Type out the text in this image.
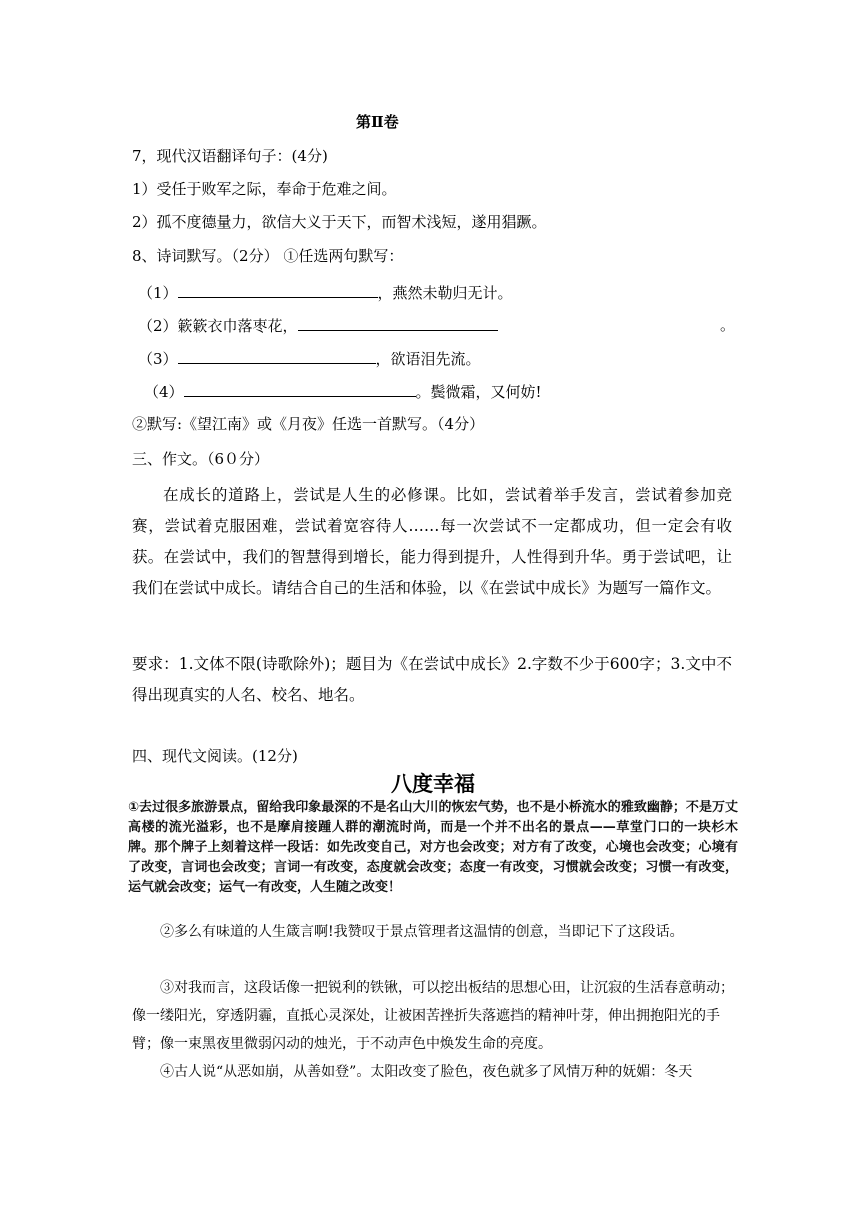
第Ⅱ卷
7，现代汉语翻译句子：(4分)
1）受任于败军之际，奉命于危难之间。
2）孤不度德量力，欲信大义于天下，而智术浅短，遂用猖蹶。
8、诗词默写。（2分） ①任选两句默写：
（1）	，燕然未勒归无计。
（2）簌簌衣巾落枣花，	。
（3）	，欲语泪先流。
（4）	。鬓微霜，又何妨!
②默写:《望江南》或《月夜》任选一首默写。（4分）
三、作文。（6０分）

在成长的道路上，尝试是人生的必修课。比如，尝试着举手发言，尝试着参加竞赛，尝试着克服困难，尝试着宽容待人……每一次尝试不一定都成功，但一定会有收获。在尝试中，我们的智慧得到增长，能力得到提升，人性得到升华。勇于尝试吧，让我们在尝试中成长。请结合自己的生活和体验，以《在尝试中成长》为题写一篇作文。

要求：1.文体不限(诗歌除外)；题目为《在尝试中成长》2.字数不少于600字；3.文中不得出现真实的人名、校名、地名。

四、现代文阅读。(12分)
八度幸福
①去过很多旅游景点，留给我印象最深的不是名山大川的恢宏气势，也不是小桥流水的雅致幽静；不是万丈高楼的流光溢彩，也不是摩肩接踵人群的潮流时尚，而是一个并不出名的景点——草堂门口的一块杉木牌。那个牌子上刻着这样一段话：如先改变自己，对方也会改变；对方有了改变，心境也会改变；心境有了改变，言词也会改变；言词一有改变，态度就会改变；态度一有改变，习惯就会改变；习惯一有改变，运气就会改变；运气一有改变，人生随之改变！

②多么有味道的人生箴言啊!我赞叹于景点管理者这温情的创意，当即记下了这段话。

③对我而言，这段话像一把锐利的铁锹，可以挖出板结的思想心田，让沉寂的生活春意萌动；像一缕阳光，穿透阴霾，直抵心灵深处，让被困苦挫折失落遮挡的精神叶芽，伸出拥抱阳光的手臂；像一束黑夜里微弱闪动的烛光，于不动声色中焕发生命的亮度。

④古人说“从恶如崩，从善如登”。太阳改变了脸色，夜色就多了风情万种的妩媚：冬天
